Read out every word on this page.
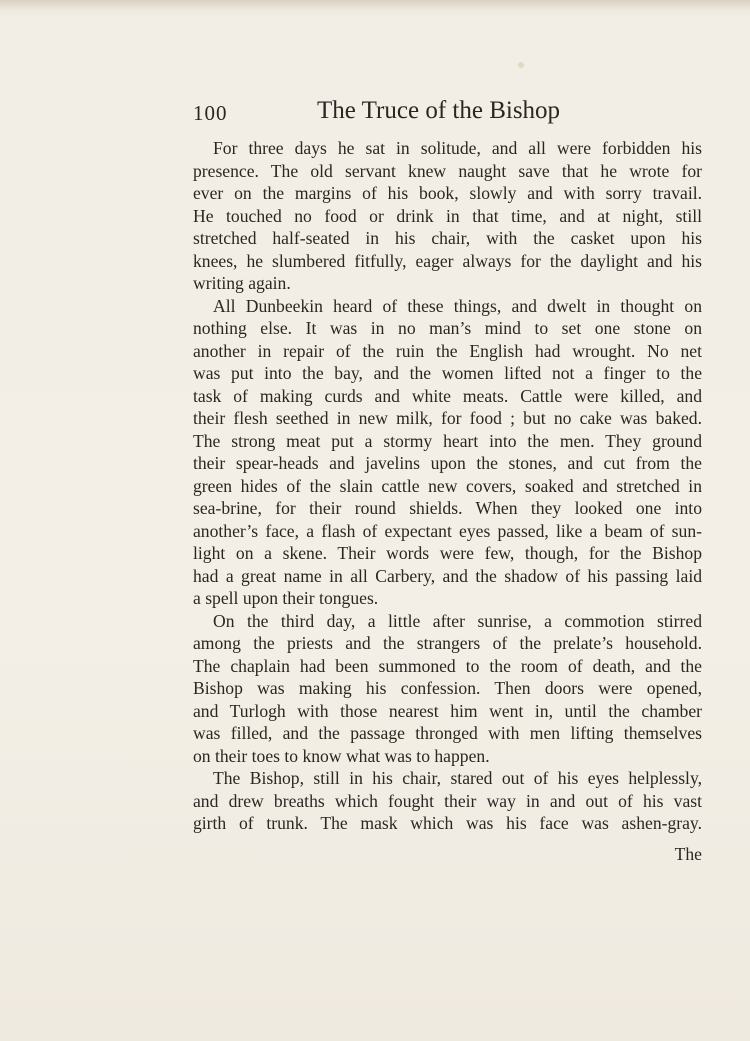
100	The Truce of the Bishop
For three days he sat in solitude, and all were forbidden his
presence. The old servant knew naught save that he wrote for
ever on the margins of his book, slowly and with sorry travail.
He touched no food or drink in that time, and at night, still
stretched half-seated in his chair, with the casket upon his
knees, he slumbered fitfully, eager always for the daylight and his
writing again.
All Dunbeekin heard of these things, and dwelt in thought on
nothing else. It was in no man’s mind to set one stone on
another in repair of the ruin the English had wrought. No net
was put into the bay, and the women lifted not a finger to the
task of making curds and white meats. Cattle were killed, and
their flesh seethed in new milk, for food ; but no cake was baked.
The strong meat put a stormy heart into the men. They ground
their spear-heads and javelins upon the stones, and cut from the
green hides of the slain cattle new covers, soaked and stretched in
sea-brine, for their round shields. When they looked one into
another’s face, a flash of expectant eyes passed, like a beam of sun-
light on a skene. Their words were few, though, for the Bishop
had a great name in all Carbery, and the shadow of his passing laid
a spell upon their tongues.
On the third day, a little after sunrise, a commotion stirred
among the priests and the strangers of the prelate’s household.
The chaplain had been summoned to the room of death, and the
Bishop was making his confession. Then doors were opened,
and Turlogh with those nearest him went in, until the chamber
was filled, and the passage thronged with men lifting themselves
on their toes to know what was to happen.
The Bishop, still in his chair, stared out of his eyes helplessly,
and drew breaths which fought their way in and out of his vast
girth of trunk. The mask which was his face was ashen-gray.
The
